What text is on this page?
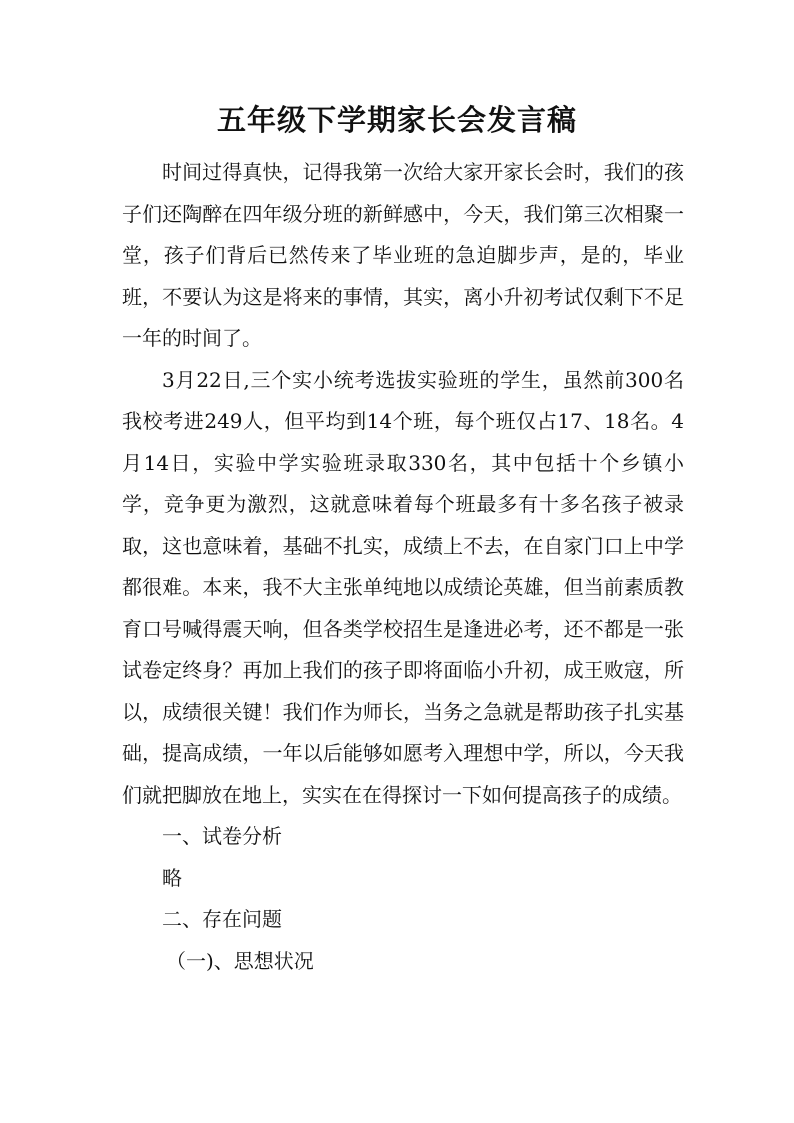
五年级下学期家长会发言稿

时间过得真快，记得我第一次给大家开家长会时，我们的孩子们还陶醉在四年级分班的新鲜感中，今天，我们第三次相聚一堂，孩子们背后已然传来了毕业班的急迫脚步声，是的，毕业班，不要认为这是将来的事情，其实，离小升初考试仅剩下不足一年的时间了。

3月22日,三个实小统考选拔实验班的学生，虽然前300名我校考进249人，但平均到14个班，每个班仅占17、18名。4月14日，实验中学实验班录取330名，其中包括十个乡镇小学，竞争更为激烈，这就意味着每个班最多有十多名孩子被录取，这也意味着，基础不扎实，成绩上不去，在自家门口上中学都很难。本来，我不大主张单纯地以成绩论英雄，但当前素质教育口号喊得震天响，但各类学校招生是逢进必考，还不都是一张试卷定终身？再加上我们的孩子即将面临小升初，成王败寇，所以，成绩很关键！我们作为师长，当务之急就是帮助孩子扎实基础，提高成绩，一年以后能够如愿考入理想中学，所以，今天我们就把脚放在地上，实实在在得探讨一下如何提高孩子的成绩。

一、试卷分析

略

二、存在问题

（一)、思想状况
